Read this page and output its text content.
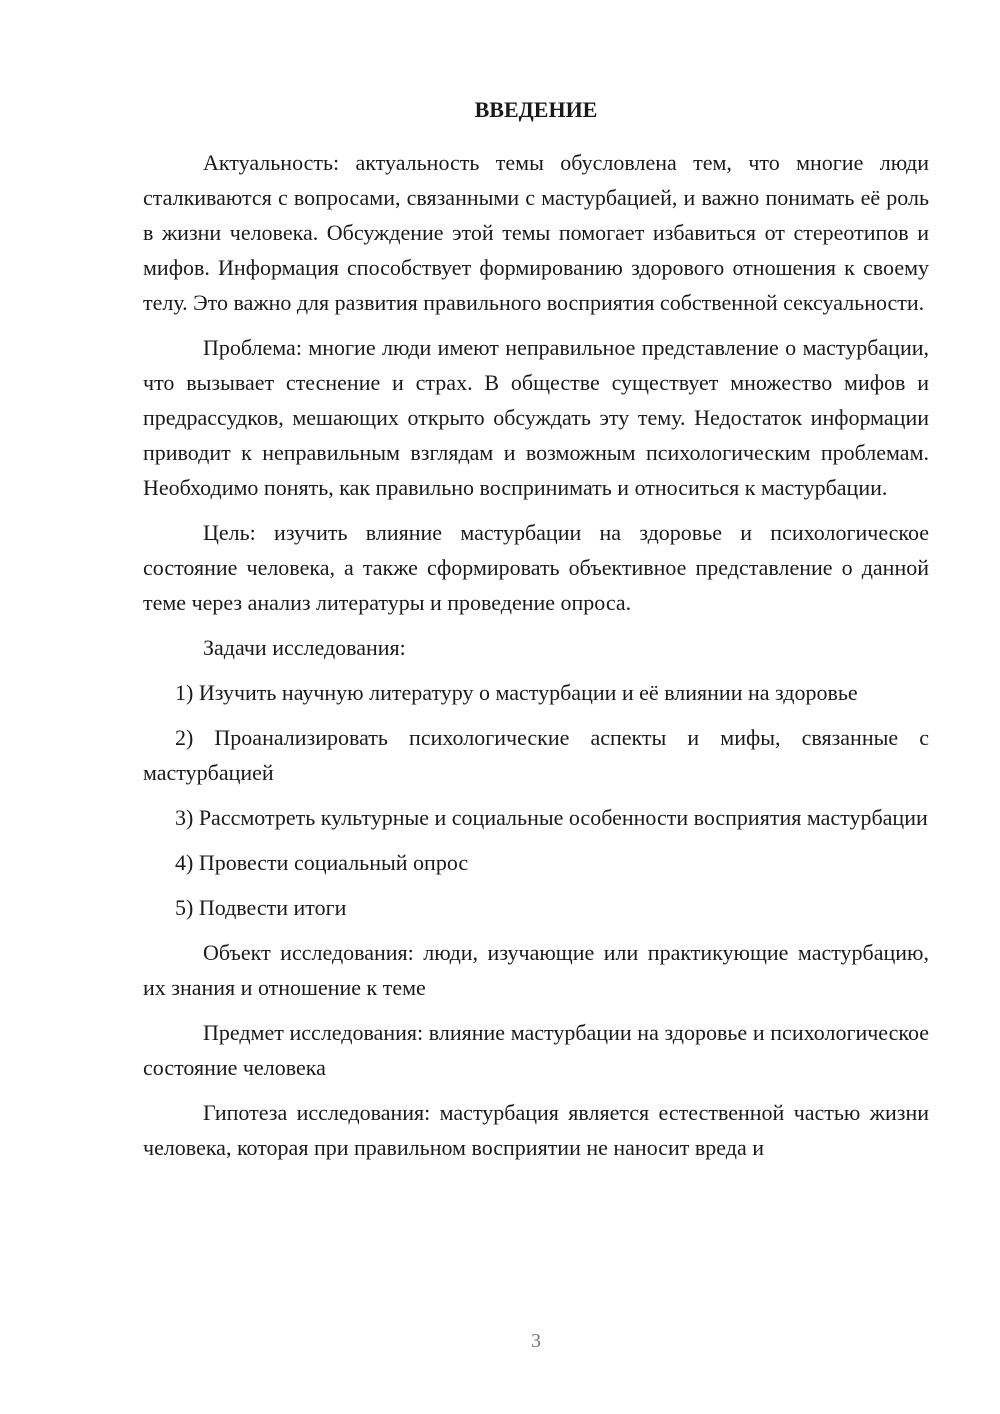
ВВЕДЕНИЕ

Актуальность: актуальность темы обусловлена тем, что многие люди сталкиваются с вопросами, связанными с мастурбацией, и важно понимать её роль в жизни человека. Обсуждение этой темы помогает избавиться от стереотипов и мифов. Информация способствует формированию здорового отношения к своему телу. Это важно для развития правильного восприятия собственной сексуальности.

Проблема: многие люди имеют неправильное представление о мастурбации, что вызывает стеснение и страх. В обществе существует множество мифов и предрассудков, мешающих открыто обсуждать эту тему. Недостаток информации приводит к неправильным взглядам и возможным психологическим проблемам. Необходимо понять, как правильно воспринимать и относиться к мастурбации.

Цель: изучить влияние мастурбации на здоровье и психологическое состояние человека, а также сформировать объективное представление о данной теме через анализ литературы и проведение опроса.

Задачи исследования:

1) Изучить научную литературу о мастурбации и её влиянии на здоровье

2) Проанализировать психологические аспекты и мифы, связанные с мастурбацией

3) Рассмотреть культурные и социальные особенности восприятия мастурбации

4) Провести социальный опрос

5) Подвести итоги

Объект исследования: люди, изучающие или практикующие мастурбацию, их знания и отношение к теме

Предмет исследования: влияние мастурбации на здоровье и психологическое состояние человека

Гипотеза исследования: мастурбация является естественной частью жизни человека, которая при правильном восприятии не наносит вреда и

3
